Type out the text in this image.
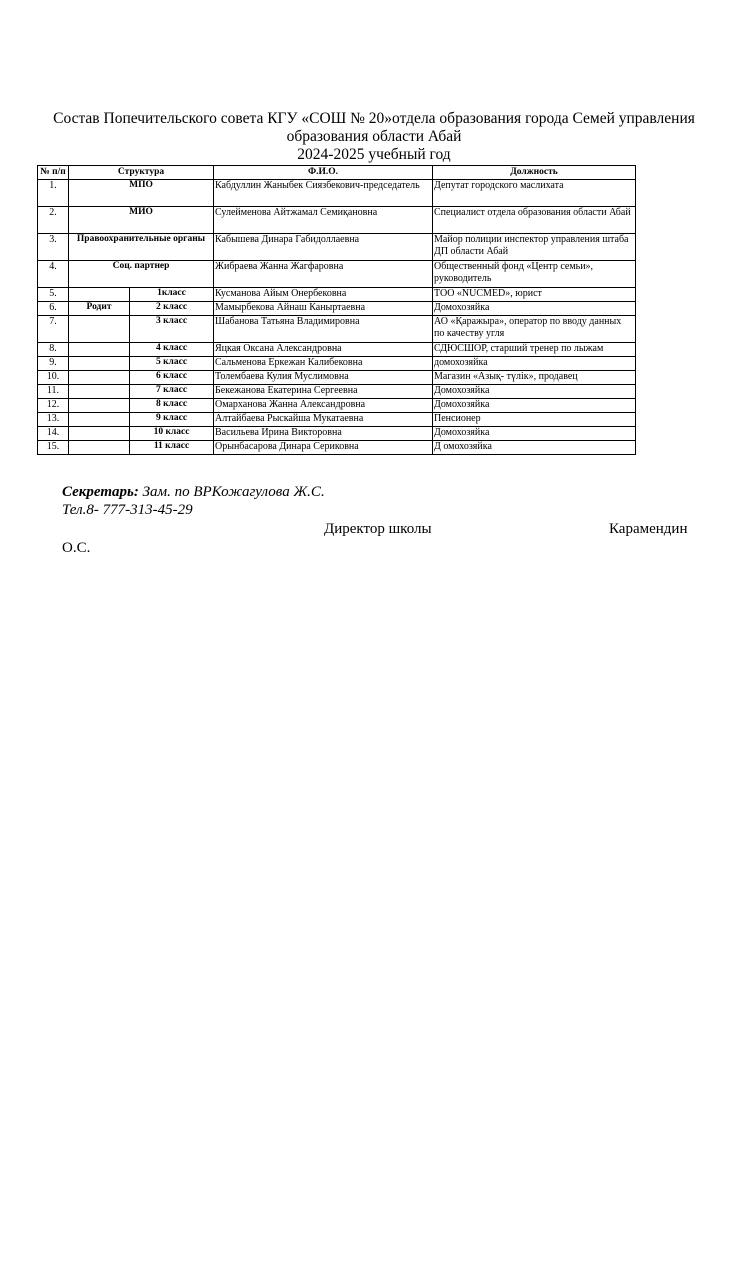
Состав Попечительского совета КГУ «СОШ № 20»отдела образования города Семей управления
образования области Абай
2024-2025 учебный год
№ п/п	Структура		Ф.И.О.	Должность
1.	МПО		Кабдуллин Жаныбек Сиязбекович-председатель	Депутат городского маслихата
2.	МИО		Сулейменова Айтжамал Семиқановна	Специалист отдела образования области Абай
3.	Правоохранительные органы		Кабышева Динара Габидоллаевна	Майор полиции инспектор управления штаба ДП области Абай
4.	Соц. партнер		Жибраева Жанна Жагфаровна	Общественный фонд «Центр семьи», руководитель
5.		1класс	Кусманова Айым Онербековна	ТОО «NUCMED», юрист
6.	Родит	2 класс	Мамырбекова Айнаш Канырт​аевна	Домохозяйка
7.		3 класс	Шабанова Татьяна Владимировна	АО «Қаражыра», оператор по вводу данных по качеству угля
8.		4 класс	Яцкая Оксана Александровна	СДЮСШОР, старший тренер по лыжам
9.		5 класс	Сальменова Еркежан Калибековна	домохозяйка
10.		6 класс	Толембаева Кулия Муслимовна	Магазин «Азық- түлік», продавец
11.		7 класс	Бекежанова Екатерина Сергеевна	Домохозяйка
12.		8 класс	Омарханова Жанна Александровна	Домохозяйка
13.		9 класс	Алтайбаева Рыскайша Мукатаевна	Пенсионер
14.		10 класс	Васильева Ирина Викторовна	Домохозяйка
15.		11 класс	Орынбасарова Динара Сериковна	Д омохозяйка
Секретарь: Зам. по ВРКожагулова Ж.С.
Тел.8- 777-313-45-29
Директор школы	Карамендин
О.С.
